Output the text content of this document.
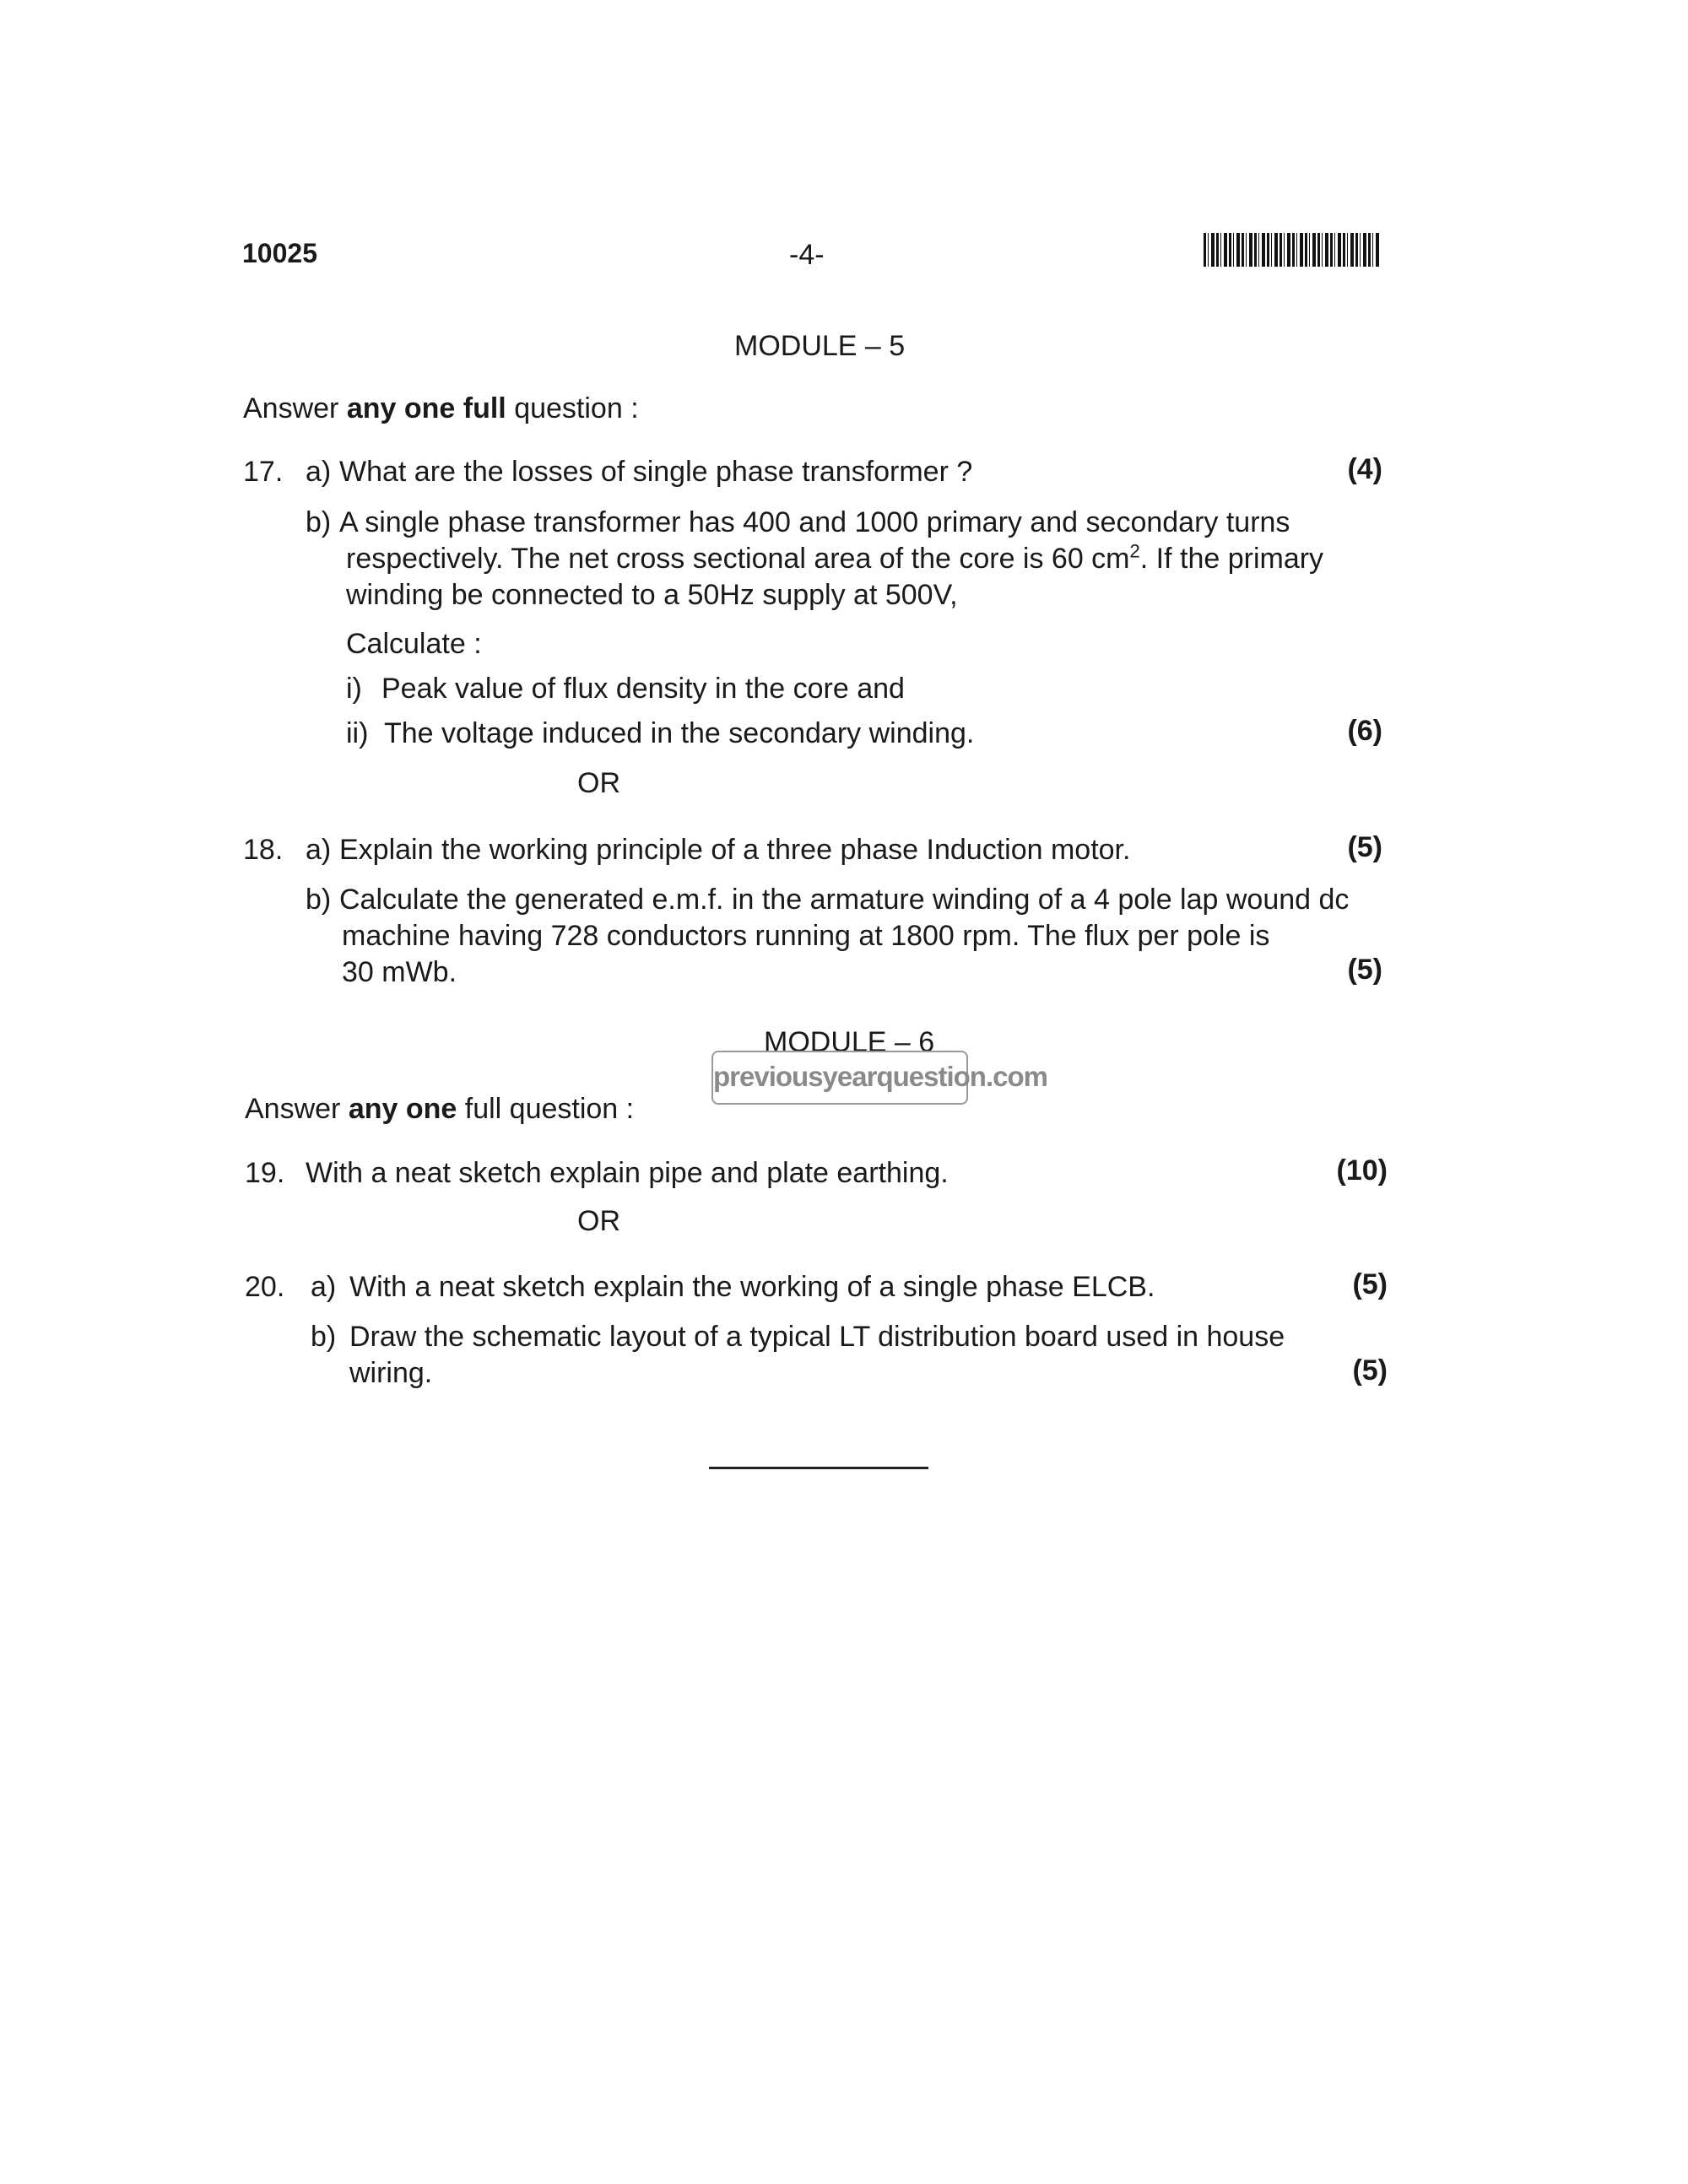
10025	-4-
MODULE – 5
Answer any one full question :
17. a) What are the losses of single phase transformer ?	(4)
b) A single phase transformer has 400 and 1000 primary and secondary turns
respectively. The net cross sectional area of the core is 60 $cm^2$. If the primary
winding be connected to a 50Hz supply at 500V,
Calculate :
i) Peak value of flux density in the core and
ii) The voltage induced in the secondary winding.	(6)
OR
18. a) Explain the working principle of a three phase Induction motor.	(5)
b) Calculate the generated e.m.f. in the armature winding of a 4 pole lap wound dc
machine having 728 conductors running at 1800 rpm. The flux per pole is
30 mWb.	(5)
MODULE – 6
previousyearquestion.com
Answer any one full question :
19. With a neat sketch explain pipe and plate earthing.	(10)
OR
20. a) With a neat sketch explain the working of a single phase ELCB.	(5)
b) Draw the schematic layout of a typical LT distribution board used in house
wiring.	(5)
